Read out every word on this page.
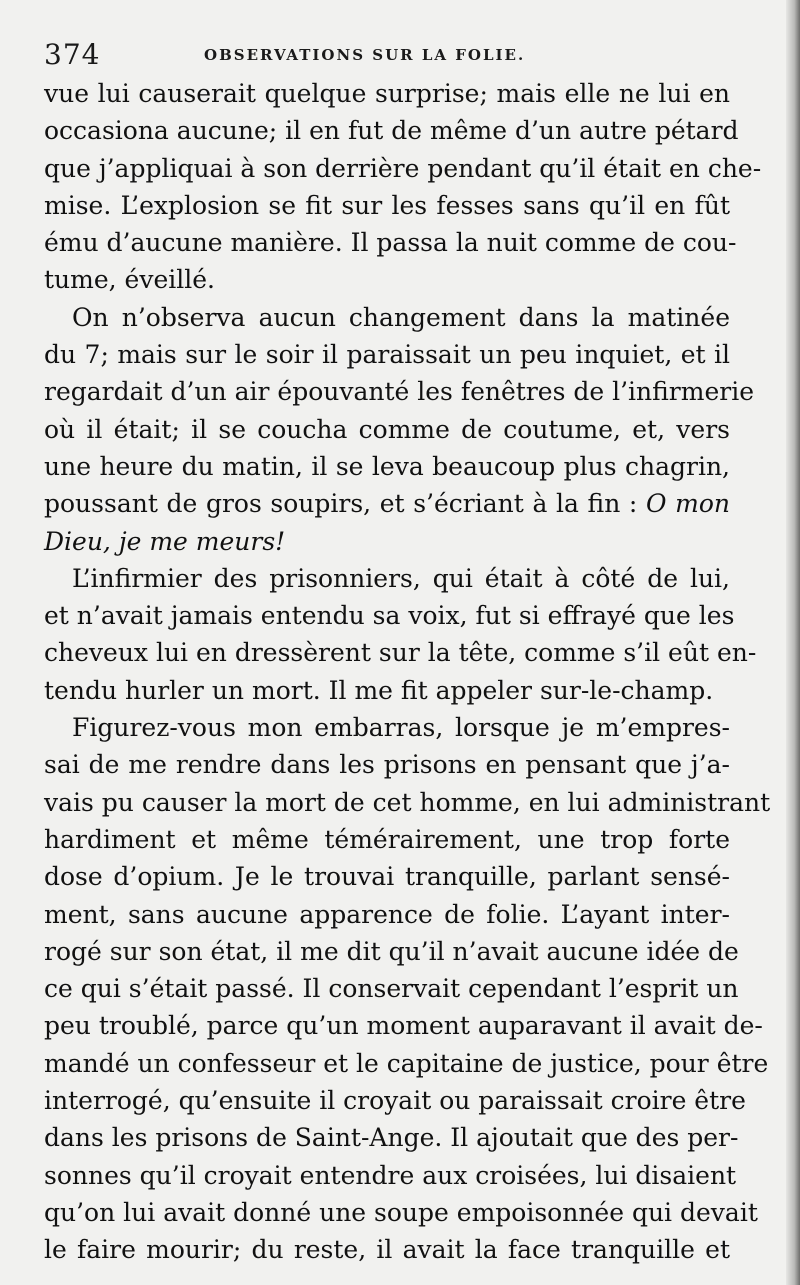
374	OBSERVATIONS SUR LA FOLIE.
vue lui causerait quelque surprise; mais elle ne lui en
occasiona aucune; il en fut de même d’un autre pétard
que j’appliquai à son derrière pendant qu’il était en che-
mise. L’explosion se fit sur les fesses sans qu’il en fût
ému d’aucune manière. Il passa la nuit comme de cou-
tume, éveillé.
On n’observa aucun changement dans la matinée
du 7; mais sur le soir il paraissait un peu inquiet, et il
regardait d’un air épouvanté les fenêtres de l’infirmerie
où il était; il se coucha comme de coutume, et, vers
une heure du matin, il se leva beaucoup plus chagrin,
poussant de gros soupirs, et s’écriant à la fin : O mon
Dieu, je me meurs!
L’infirmier des prisonniers, qui était à côté de lui,
et n’avait jamais entendu sa voix, fut si effrayé que les
cheveux lui en dressèrent sur la tête, comme s’il eût en-
tendu hurler un mort. Il me fit appeler sur-le-champ.
Figurez-vous mon embarras, lorsque je m’empres-
sai de me rendre dans les prisons en pensant que j’a-
vais pu causer la mort de cet homme, en lui administrant
hardiment et même témérairement, une trop forte
dose d’opium. Je le trouvai tranquille, parlant sensé-
ment, sans aucune apparence de folie. L’ayant inter-
rogé sur son état, il me dit qu’il n’avait aucune idée de
ce qui s’était passé. Il conservait cependant l’esprit un
peu troublé, parce qu’un moment auparavant il avait de-
mandé un confesseur et le capitaine de justice, pour être
interrogé, qu’ensuite il croyait ou paraissait croire être
dans les prisons de Saint-Ange. Il ajoutait que des per-
sonnes qu’il croyait entendre aux croisées, lui disaient
qu’on lui avait donné une soupe empoisonnée qui devait
le faire mourir; du reste, il avait la face tranquille et
